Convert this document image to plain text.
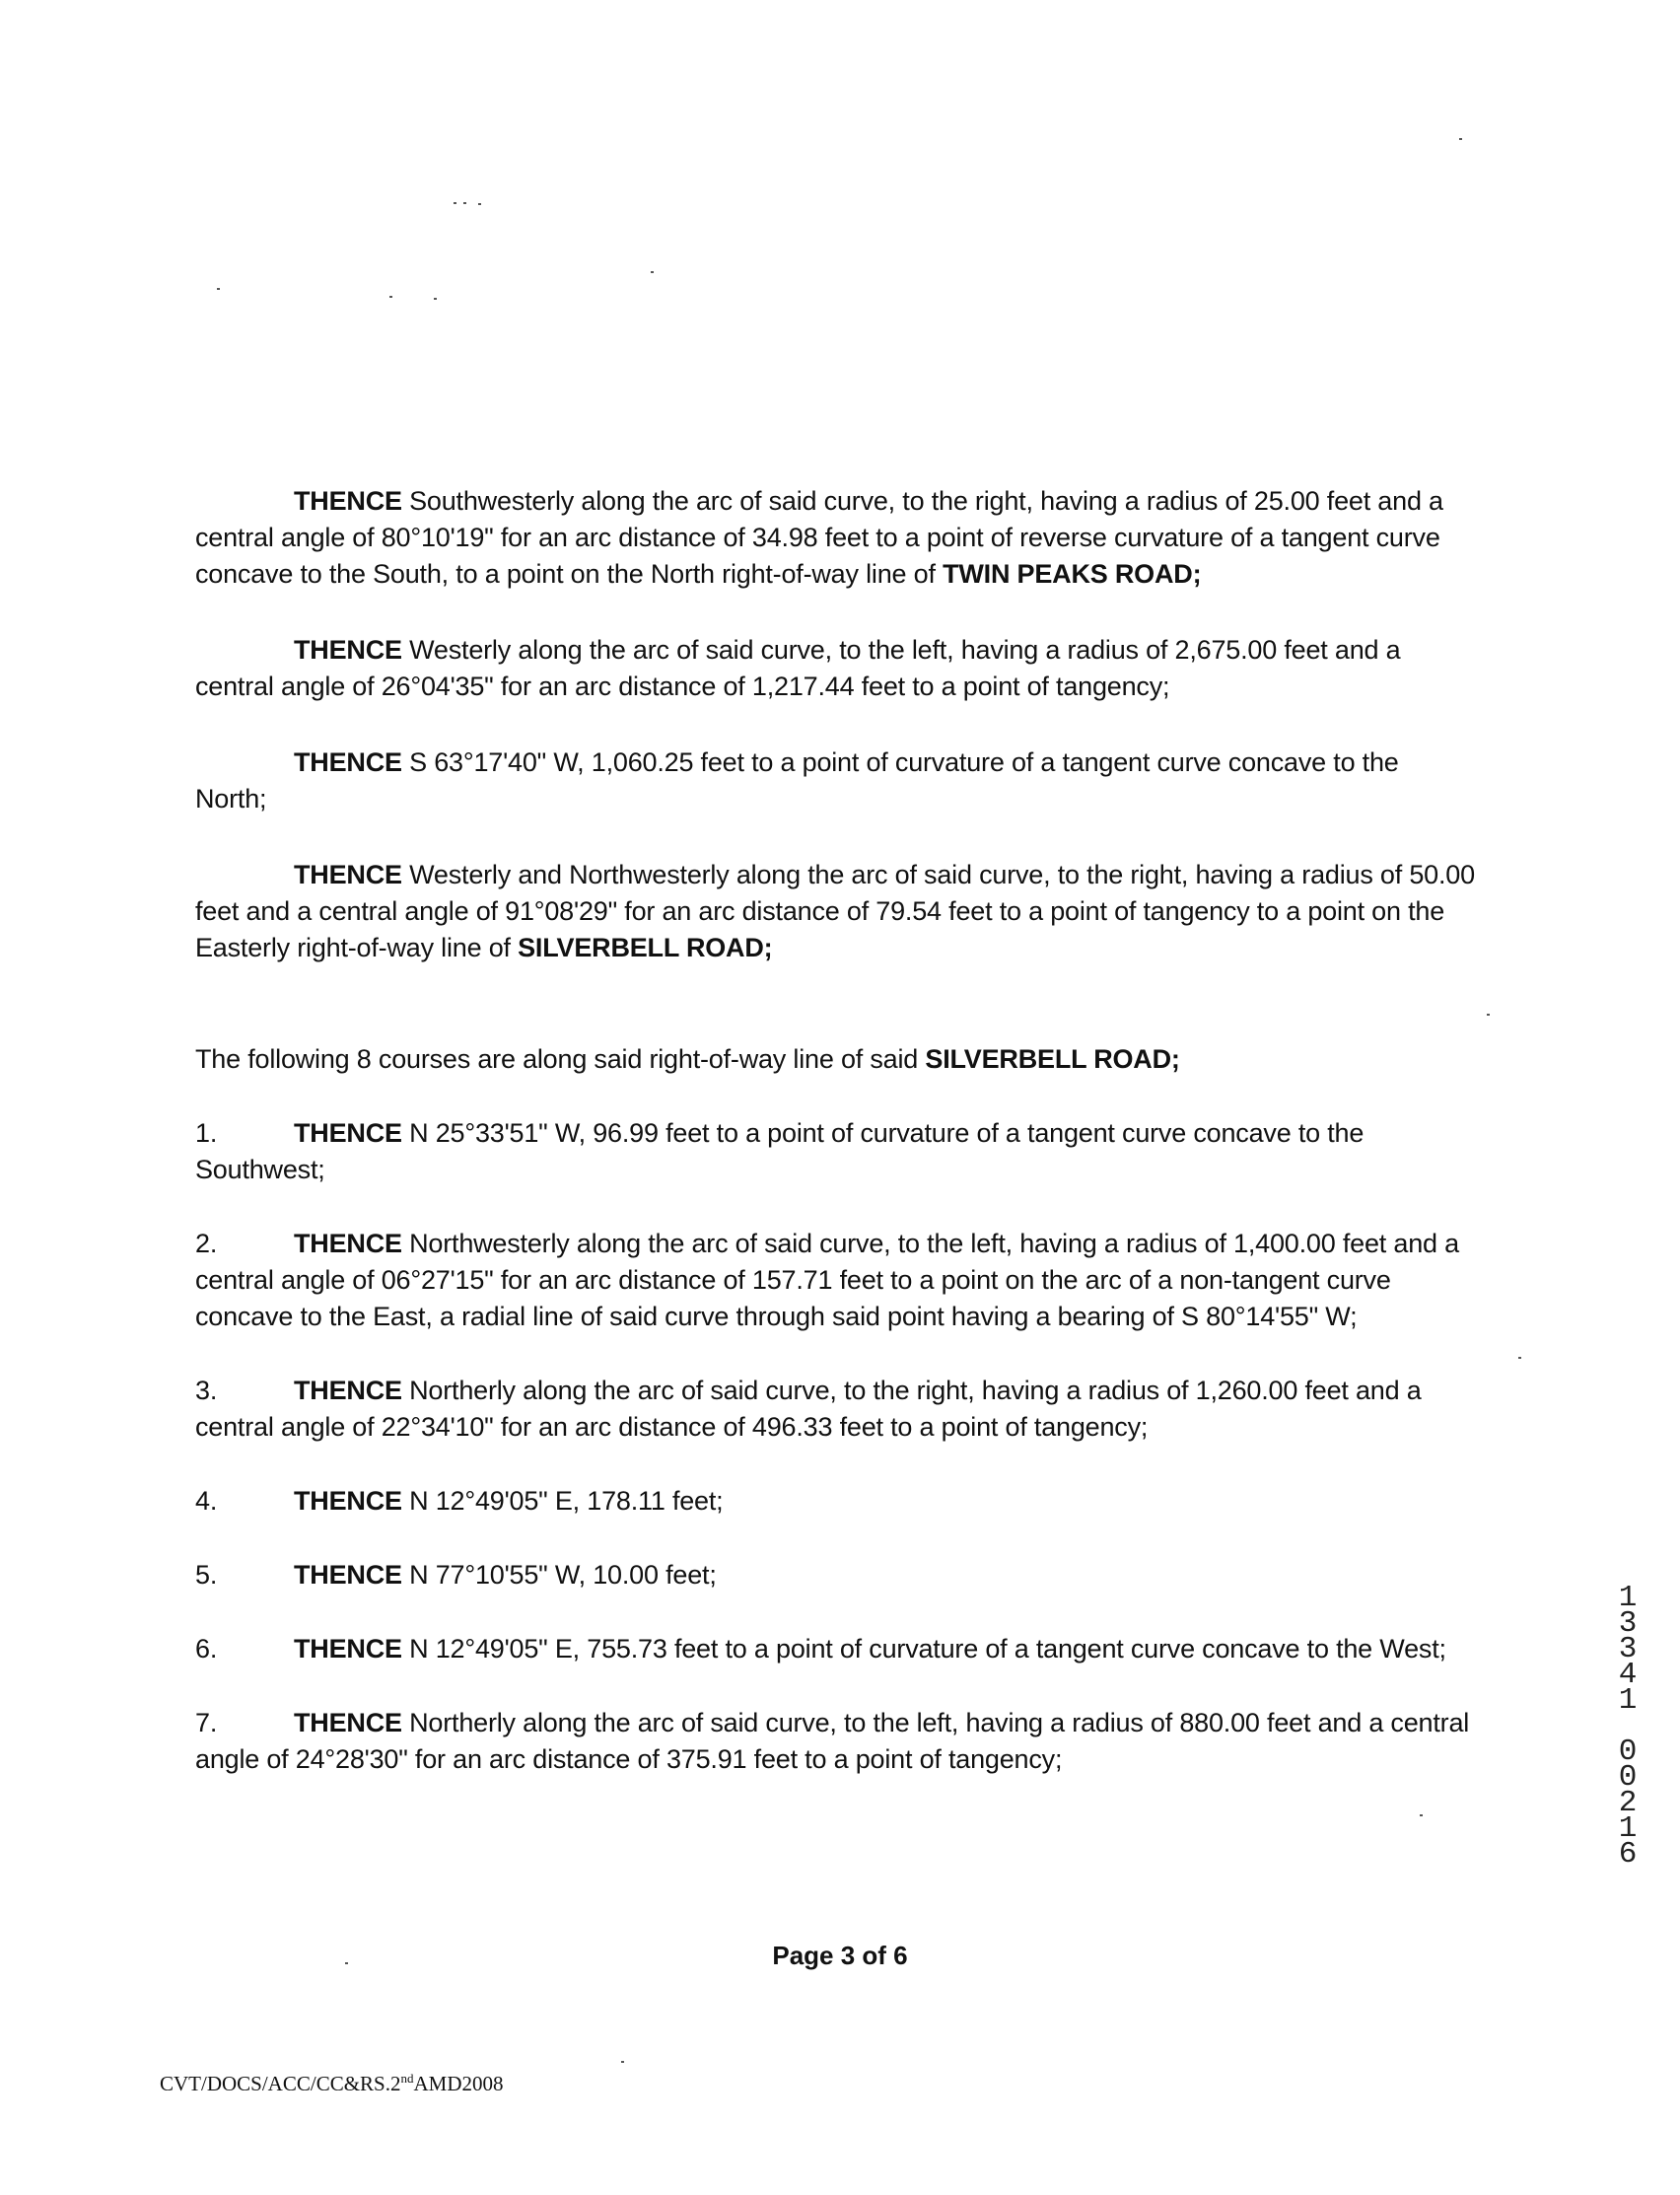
THENCE Southwesterly along the arc of said curve, to the right, having a radius of 25.00 feet and a central angle of 80°10'19" for an arc distance of 34.98 feet to a point of reverse curvature of a tangent curve concave to the South, to a point on the North right-of-way line of TWIN PEAKS ROAD;

THENCE Westerly along the arc of said curve, to the left, having a radius of 2,675.00 feet and a central angle of 26°04'35" for an arc distance of 1,217.44 feet to a point of tangency;

THENCE S 63°17'40" W, 1,060.25 feet to a point of curvature of a tangent curve concave to the North;

THENCE Westerly and Northwesterly along the arc of said curve, to the right, having a radius of 50.00 feet and a central angle of 91°08'29" for an arc distance of 79.54 feet to a point of tangency to a point on the Easterly right-of-way line of SILVERBELL ROAD;

The following 8 courses are along said right-of-way line of said SILVERBELL ROAD;

1.	THENCE N 25°33'51" W, 96.99 feet to a point of curvature of a tangent curve concave to the Southwest;

2.	THENCE Northwesterly along the arc of said curve, to the left, having a radius of 1,400.00 feet and a central angle of 06°27'15" for an arc distance of 157.71 feet to a point on the arc of a non-tangent curve concave to the East, a radial line of said curve through said point having a bearing of S 80°14'55" W;

3.	THENCE Northerly along the arc of said curve, to the right, having a radius of 1,260.00 feet and a central angle of 22°34'10" for an arc distance of 496.33 feet to a point of tangency;

4.	THENCE N 12°49'05" E, 178.11 feet;

5.	THENCE N 77°10'55" W, 10.00 feet;

6.	THENCE N 12°49'05" E, 755.73 feet to a point of curvature of a tangent curve concave to the West;

7.	THENCE Northerly along the arc of said curve, to the left, having a radius of 880.00 feet and a central angle of 24°28'30" for an arc distance of 375.91 feet to a point of tangency;

Page 3 of 6
CVT/DOCS/ACC/CC&RS.2ndAMD2008
1
3
3
4
1
0
0
2
1
6
